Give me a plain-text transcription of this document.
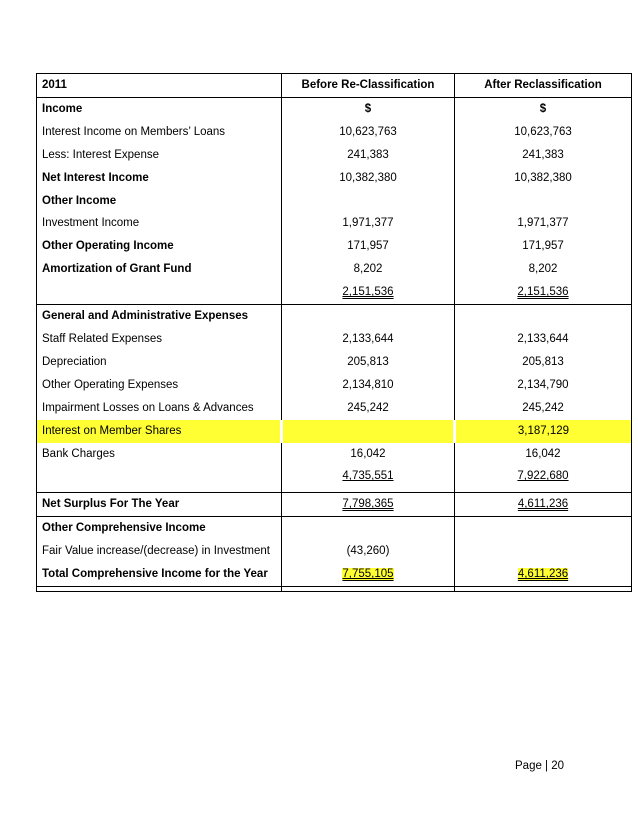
2011	Before Re-Classification	After Reclassification
Income	$	$
Interest Income on Members’ Loans	10,623,763	10,623,763
Less: Interest Expense	241,383	241,383
Net Interest Income	10,382,380	10,382,380
Other Income		
Investment Income	1,971,377	1,971,377
Other Operating Income	171,957	171,957
Amortization of Grant Fund	8,202	8,202
	2,151,536	2,151,536
General and Administrative Expenses		
Staff Related Expenses	2,133,644	2,133,644
Depreciation	205,813	205,813
Other Operating Expenses	2,134,810	2,134,790
Impairment Losses on Loans & Advances	245,242	245,242
Interest on Member Shares		3,187,129
Bank Charges	16,042	16,042
	4,735,551	7,922,680

Net Surplus For The Year	7,798,365	4,611,236
Other Comprehensive Income		
Fair Value increase/(decrease) in Investment	(43,260)	
Total Comprehensive Income for the Year	7,755,105	4,611,236

Page | 20
